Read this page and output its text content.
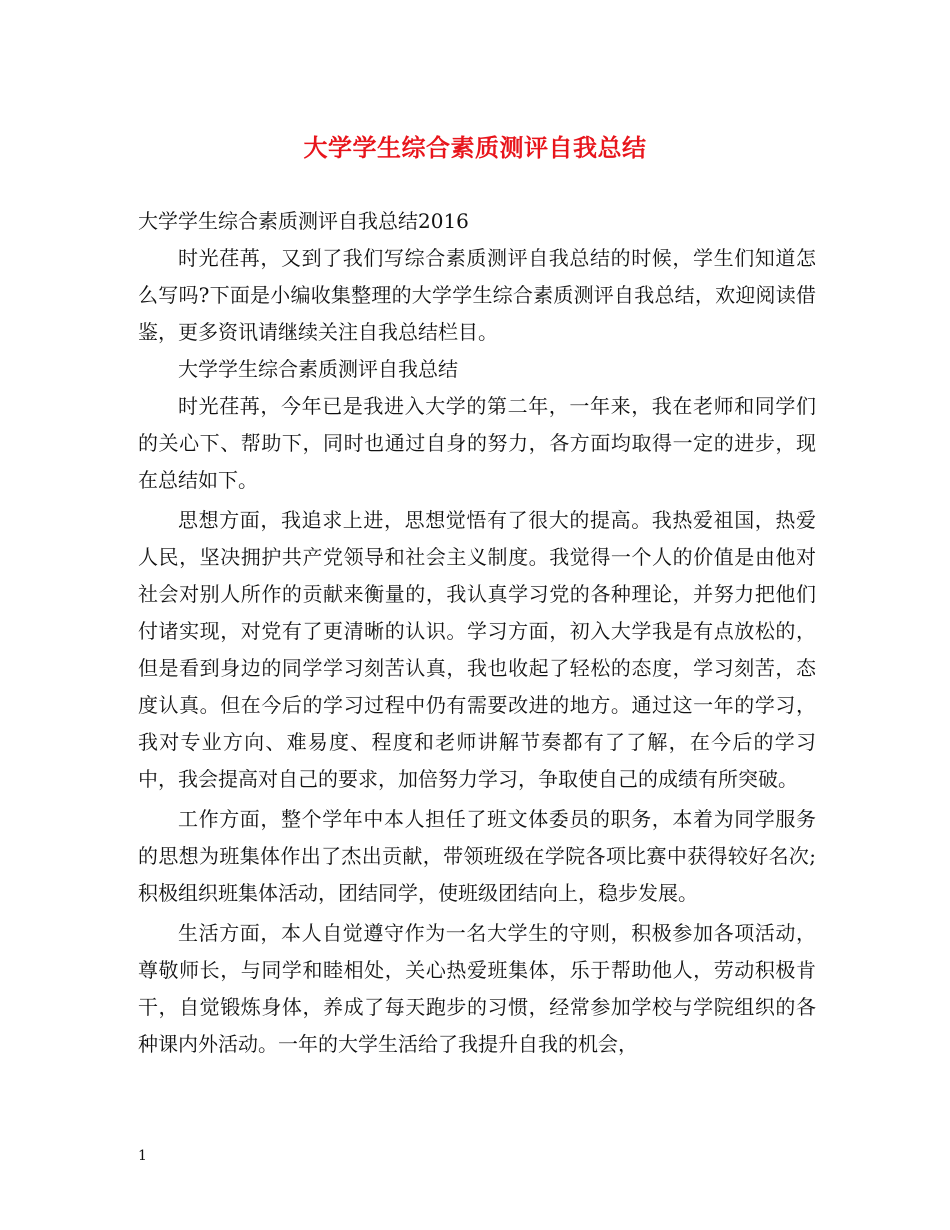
大学学生综合素质测评自我总结

大学学生综合素质测评自我总结2016

时光荏苒，又到了我们写综合素质测评自我总结的时候，学生们知道怎么写吗?下面是小编收集整理的大学学生综合素质测评自我总结，欢迎阅读借鉴，更多资讯请继续关注自我总结栏目。

大学学生综合素质测评自我总结

时光荏苒，今年已是我进入大学的第二年，一年来，我在老师和同学们的关心下、帮助下，同时也通过自身的努力，各方面均取得一定的进步，现在总结如下。

思想方面，我追求上进，思想觉悟有了很大的提高。我热爱祖国，热爱人民，坚决拥护共产党领导和社会主义制度。我觉得一个人的价值是由他对社会对别人所作的贡献来衡量的，我认真学习党的各种理论，并努力把他们付诸实现，对党有了更清晰的认识。学习方面，初入大学我是有点放松的，但是看到身边的同学学习刻苦认真，我也收起了轻松的态度，学习刻苦，态度认真。但在今后的学习过程中仍有需要改进的地方。通过这一年的学习，我对专业方向、难易度、程度和老师讲解节奏都有了了解，在今后的学习中，我会提高对自己的要求，加倍努力学习，争取使自己的成绩有所突破。

工作方面，整个学年中本人担任了班文体委员的职务，本着为同学服务的思想为班集体作出了杰出贡献，带领班级在学院各项比赛中获得较好名次;积极组织班集体活动，团结同学，使班级团结向上，稳步发展。

生活方面，本人自觉遵守作为一名大学生的守则，积极参加各项活动，尊敬师长，与同学和睦相处，关心热爱班集体，乐于帮助他人，劳动积极肯干，自觉锻炼身体，养成了每天跑步的习惯，经常参加学校与学院组织的各种课内外活动。一年的大学生活给了我提升自我的机会，

1
